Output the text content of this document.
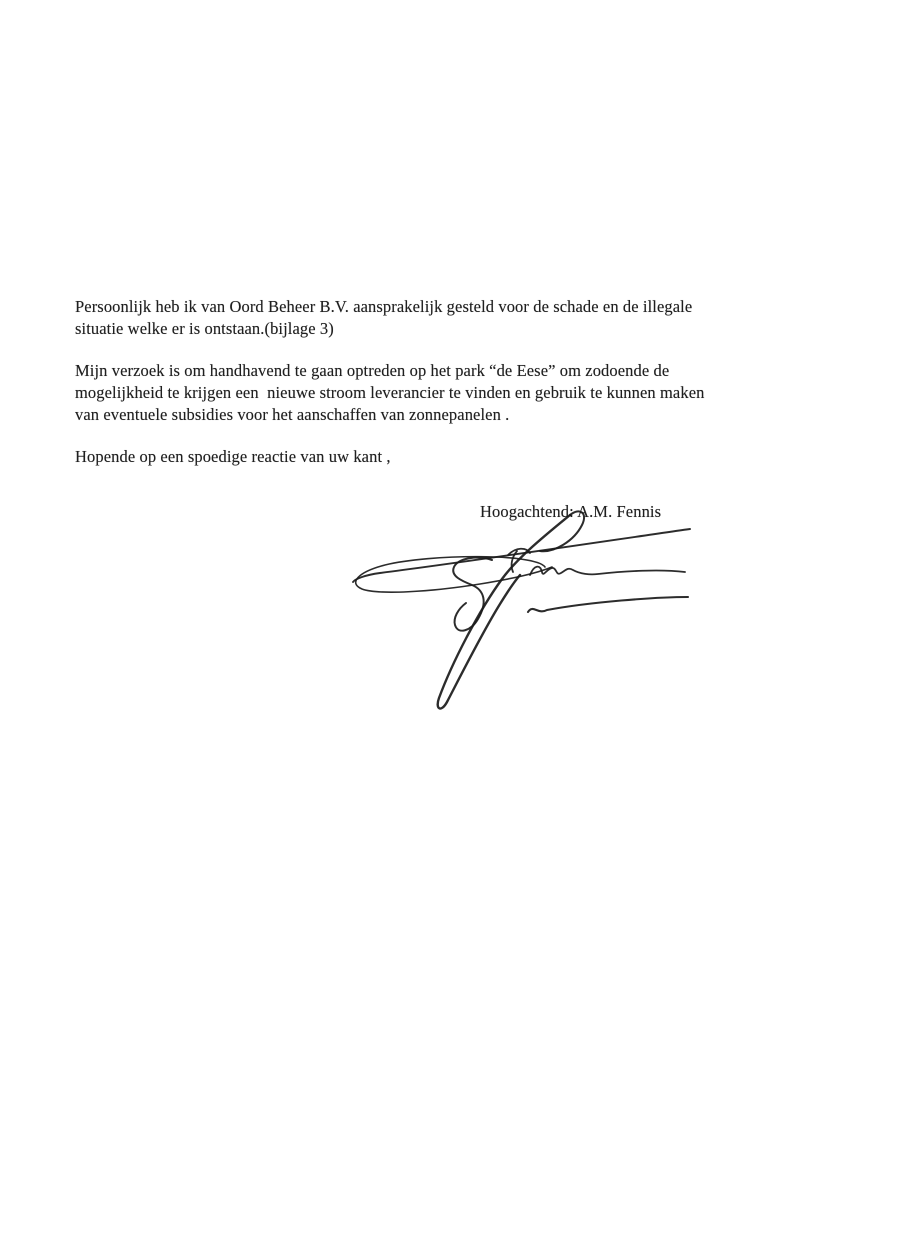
Persoonlijk heb ik van Oord Beheer B.V. aansprakelijk gesteld voor de schade en de illegale
situatie welke er is ontstaan.(bijlage 3)
Mijn verzoek is om handhavend te gaan optreden op het park “de Eese” om zodoende de
mogelijkheid te krijgen een  nieuwe stroom leverancier te vinden en gebruik te kunnen maken
van eventuele subsidies voor het aanschaffen van zonnepanelen .
Hopende op een spoedige reactie van uw kant ,
Hoogachtend: A.M. Fennis
